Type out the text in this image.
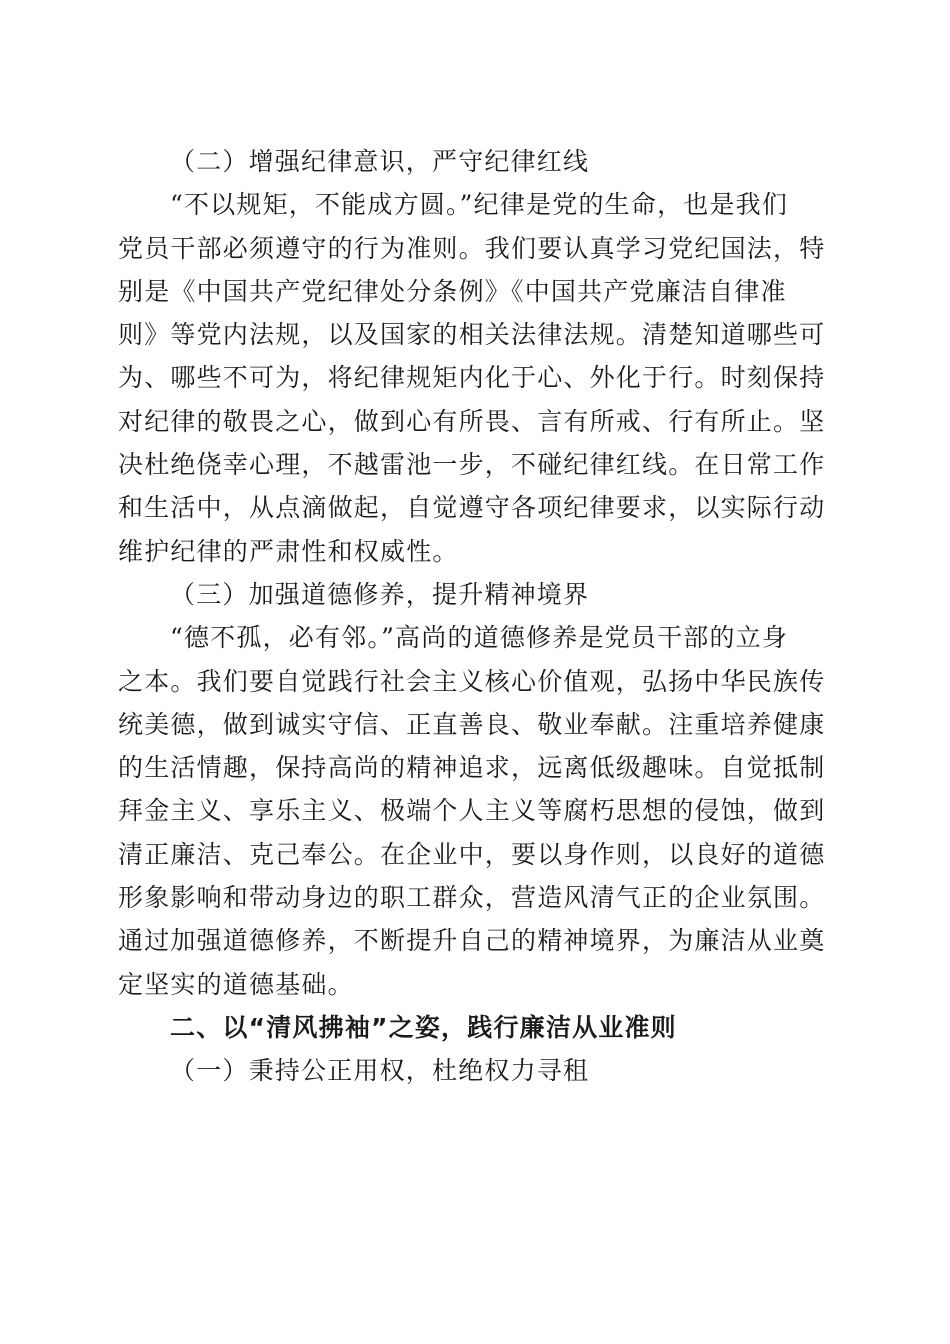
（二）增强纪律意识，严守纪律红线
“不以规矩，不能成方圆。”纪律是党的生命，也是我们
党员干部必须遵守的行为准则。我们要认真学习党纪国法，特
别是《中国共产党纪律处分条例》《中国共产党廉洁自律准
则》等党内法规，以及国家的相关法律法规。清楚知道哪些可
为、哪些不可为，将纪律规矩内化于心、外化于行。时刻保持
对纪律的敬畏之心，做到心有所畏、言有所戒、行有所止。坚
决杜绝侥幸心理，不越雷池一步，不碰纪律红线。在日常工作
和生活中，从点滴做起，自觉遵守各项纪律要求，以实际行动
维护纪律的严肃性和权威性。
（三）加强道德修养，提升精神境界
“德不孤，必有邻。”高尚的道德修养是党员干部的立身
之本。我们要自觉践行社会主义核心价值观，弘扬中华民族传
统美德，做到诚实守信、正直善良、敬业奉献。注重培养健康
的生活情趣，保持高尚的精神追求，远离低级趣味。自觉抵制
拜金主义、享乐主义、极端个人主义等腐朽思想的侵蚀，做到
清正廉洁、克己奉公。在企业中，要以身作则，以良好的道德
形象影响和带动身边的职工群众，营造风清气正的企业氛围。
通过加强道德修养，不断提升自己的精神境界，为廉洁从业奠
定坚实的道德基础。
二、以“清风拂袖”之姿，践行廉洁从业准则
（一）秉持公正用权，杜绝权力寻租
